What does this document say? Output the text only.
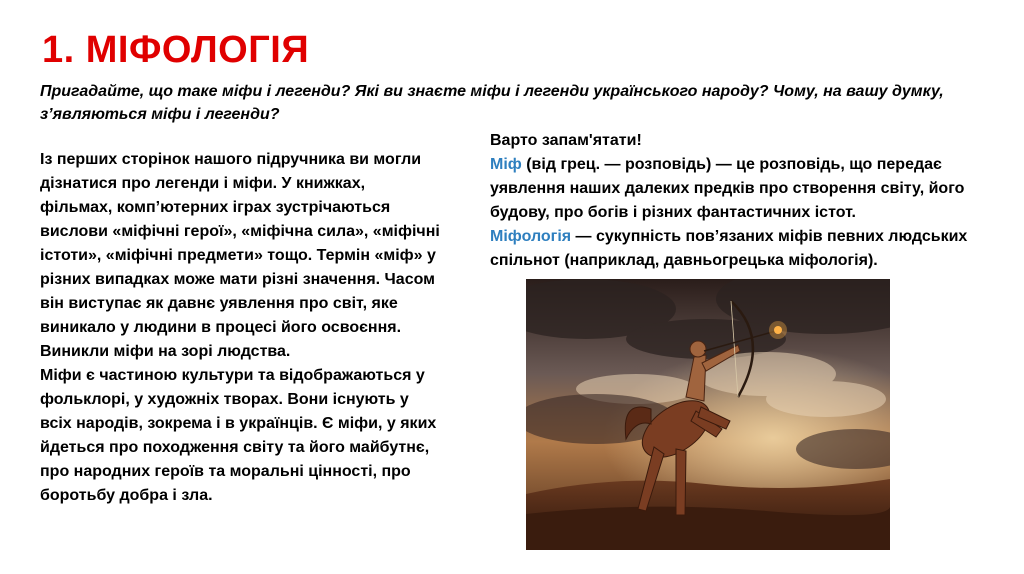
1. МІФОЛОГІЯ

Пригадайте, що таке міфи і легенди? Які ви знаєте міфи і легенди українського народу? Чому, на вашу думку, з’являються міфи і легенди?

Із перших сторінок нашого підручника ви могли дізнатися про легенди і міфи. У книжках, фільмах, комп’ютерних іграх зустрічаються вислови «міфічні герої», «міфічна сила», «міфічні істоти», «міфічні предмети» тощо. Термін «міф» у різних випадках може мати різні значення. Часом він виступає як давнє уявлення про світ, яке виникало у людини в процесі його освоєння. Виникли міфи на зорі людства.

Міфи є частиною культури та відображаються у фольклорі, у художніх творах. Вони існують у всіх народів, зокрема і в українців. Є міфи, у яких йдеться про походження світу та його майбутнє, про народних героїв та моральні цінності, про боротьбу добра і зла.

Варто запам'ятати!

Міф (від грец. — розповідь) — це розповідь, що передає уявлення наших далеких предків про створення світу, його будову, про богів і різних фантастичних істот.

Міфологія — сукупність пов’язаних міфів певних людських спільнот (наприклад, давньогрецька міфологія).
